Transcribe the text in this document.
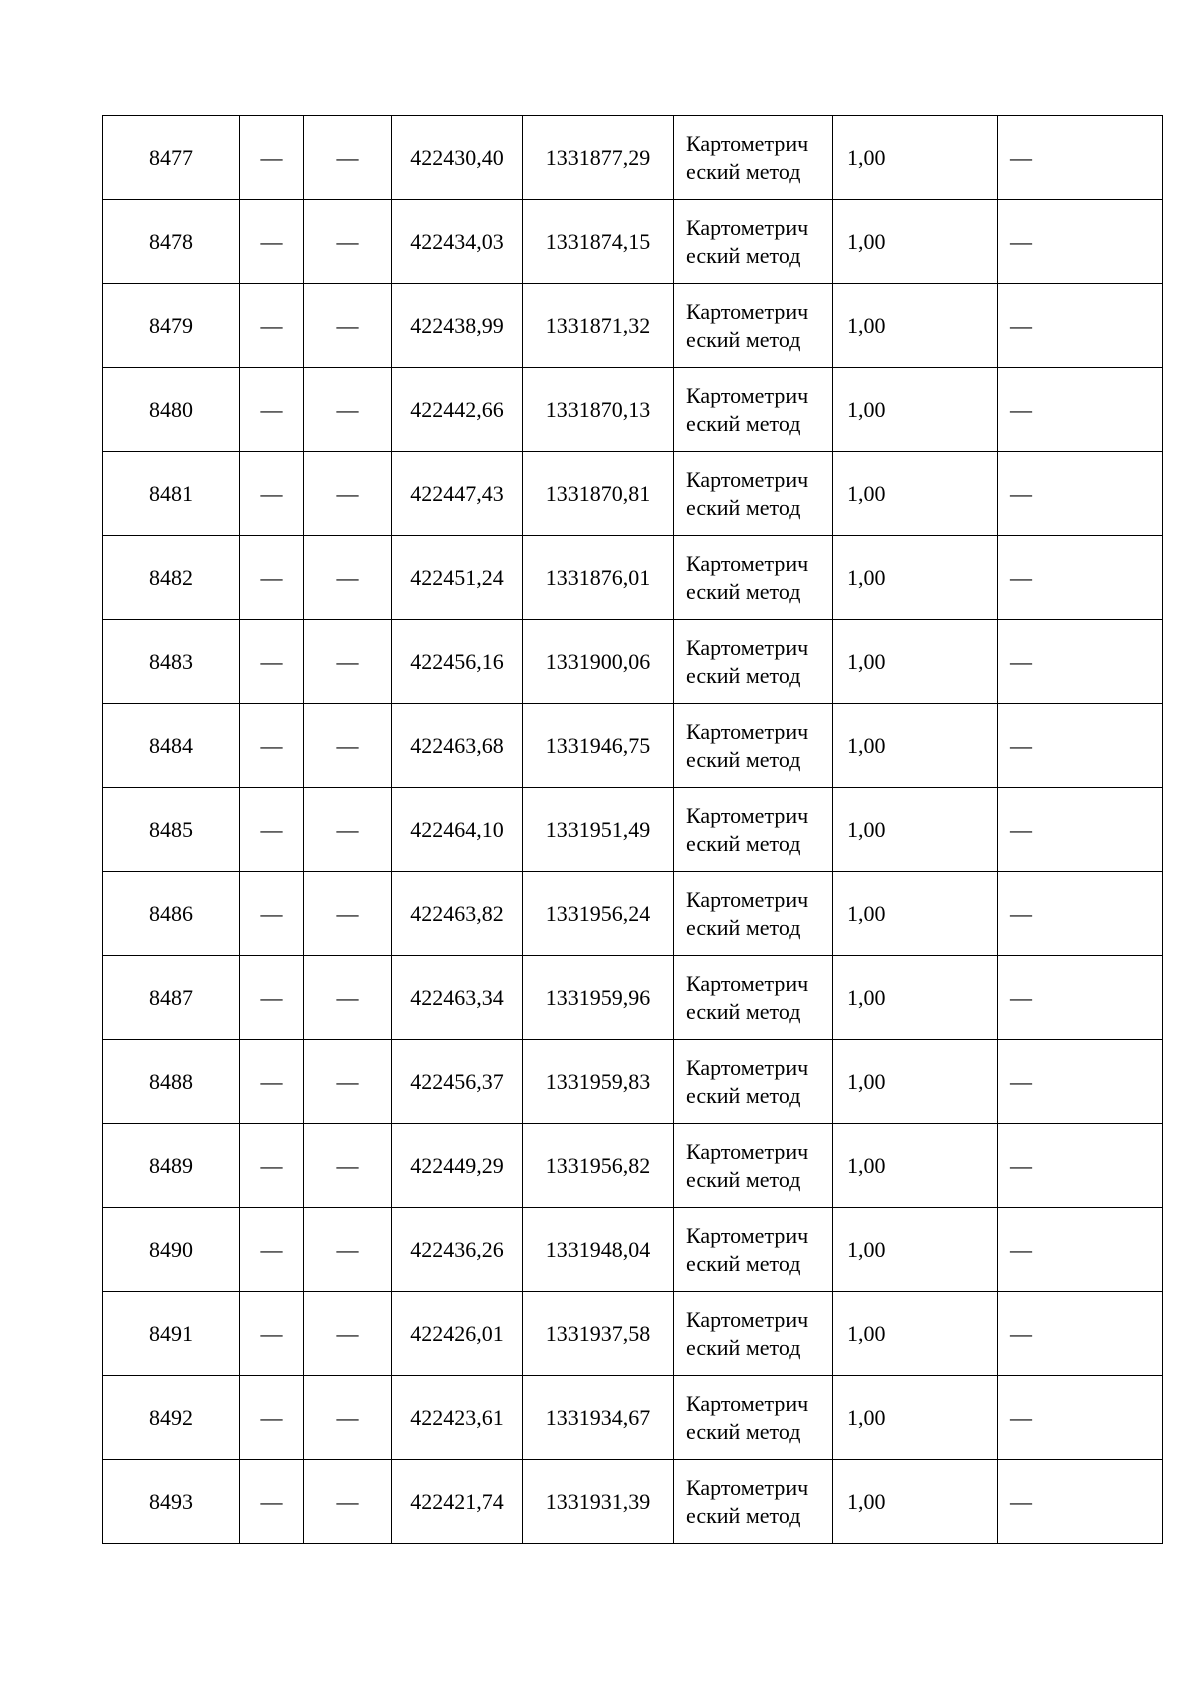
8477	—	—	422430,40	1331877,29	Картометрический метод	1,00	—
8478	—	—	422434,03	1331874,15	Картометрический метод	1,00	—
8479	—	—	422438,99	1331871,32	Картометрический метод	1,00	—
8480	—	—	422442,66	1331870,13	Картометрический метод	1,00	—
8481	—	—	422447,43	1331870,81	Картометрический метод	1,00	—
8482	—	—	422451,24	1331876,01	Картометрический метод	1,00	—
8483	—	—	422456,16	1331900,06	Картометрический метод	1,00	—
8484	—	—	422463,68	1331946,75	Картометрический метод	1,00	—
8485	—	—	422464,10	1331951,49	Картометрический метод	1,00	—
8486	—	—	422463,82	1331956,24	Картометрический метод	1,00	—
8487	—	—	422463,34	1331959,96	Картометрический метод	1,00	—
8488	—	—	422456,37	1331959,83	Картометрический метод	1,00	—
8489	—	—	422449,29	1331956,82	Картометрический метод	1,00	—
8490	—	—	422436,26	1331948,04	Картометрический метод	1,00	—
8491	—	—	422426,01	1331937,58	Картометрический метод	1,00	—
8492	—	—	422423,61	1331934,67	Картометрический метод	1,00	—
8493	—	—	422421,74	1331931,39	Картометрический метод	1,00	—
